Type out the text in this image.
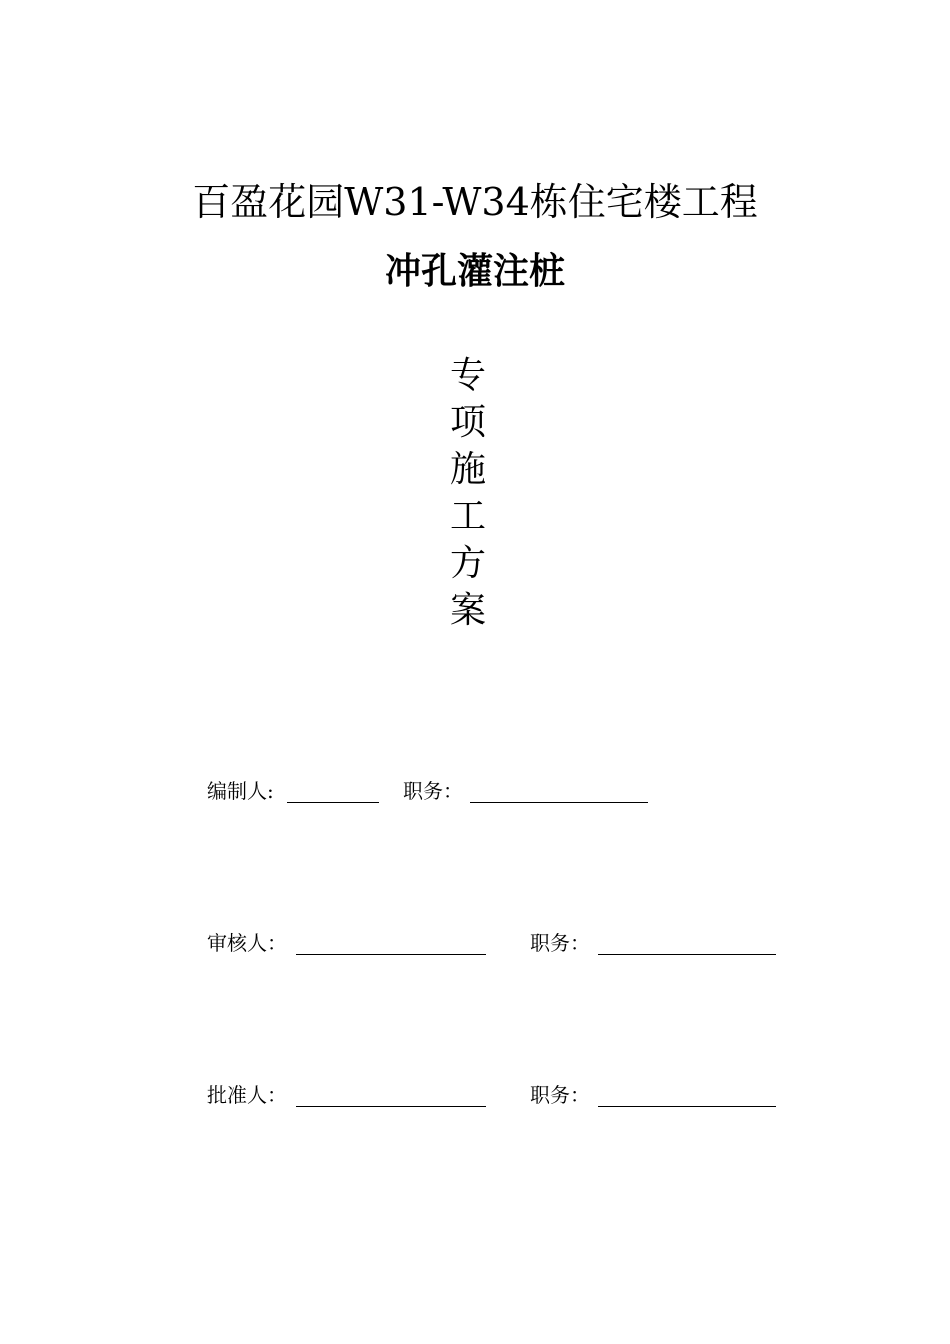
百盈花园W31-W34栋住宅楼工程
冲孔灌注桩
专
项
施
工
方
案
编制人:	职务：
审核人：	职务：
批准人：	职务：
